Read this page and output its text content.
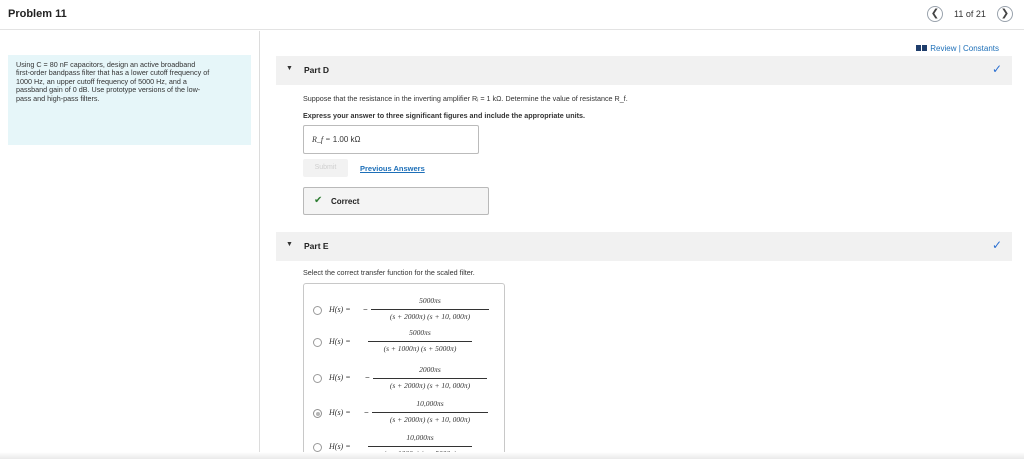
Problem 11	❮	11 of 21	❯
Using C = 80 nF capacitors, design an active broadband
first-order bandpass filter that has a lower cutoff frequency of
1000 Hz, an upper cutoff frequency of 5000 Hz, and a
passband gain of 0 dB. Use prototype versions of the low-
pass and high-pass filters.
Review | Constants
▼ Part D	✓
Suppose that the resistance in the inverting amplifier Rᵢ = 1 kΩ. Determine the value of resistance R_f.
Express your answer to three significant figures and include the appropriate units.
R_f = 1.00 kΩ
Submit	Previous Answers
✔ Correct
▼ Part E	✓
Select the correct transfer function for the scaled filter.
H(s) = −
5000πs
(s + 2000π) (s + 10, 000π)
H(s) =
5000πs
(s + 1000π) (s + 5000π)
H(s) = −
2000πs
(s + 2000π) (s + 10, 000π)
H(s) = −
10,000πs
(s + 2000π) (s + 10, 000π)
H(s) =
10,000πs
